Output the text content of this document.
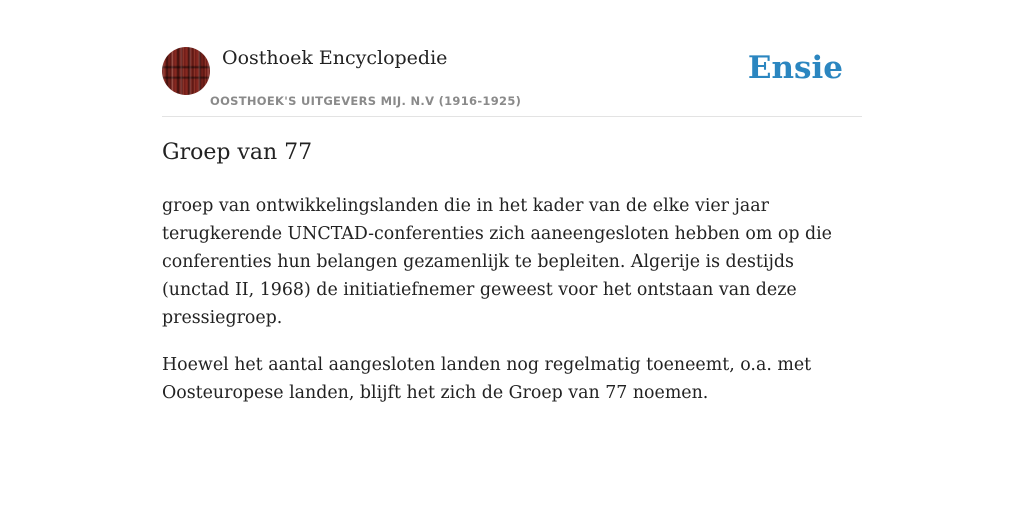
Oosthoek Encyclopedie
OOSTHOEK'S UITGEVERS MIJ. N.V (1916-1925)
Ensie
Groep van 77

groep van ontwikkelingslanden die in het kader van de elke vier jaar terugkerende UNCTAD-conferenties zich aaneengesloten hebben om op die conferenties hun belangen gezamenlijk te bepleiten. Algerije is destijds (unctad II, 1968) de initiatiefnemer geweest voor het ontstaan van deze pressiegroep.

Hoewel het aantal aangesloten landen nog regelmatig toeneemt, o.a. met Oosteuropese landen, blijft het zich de Groep van 77 noemen.
